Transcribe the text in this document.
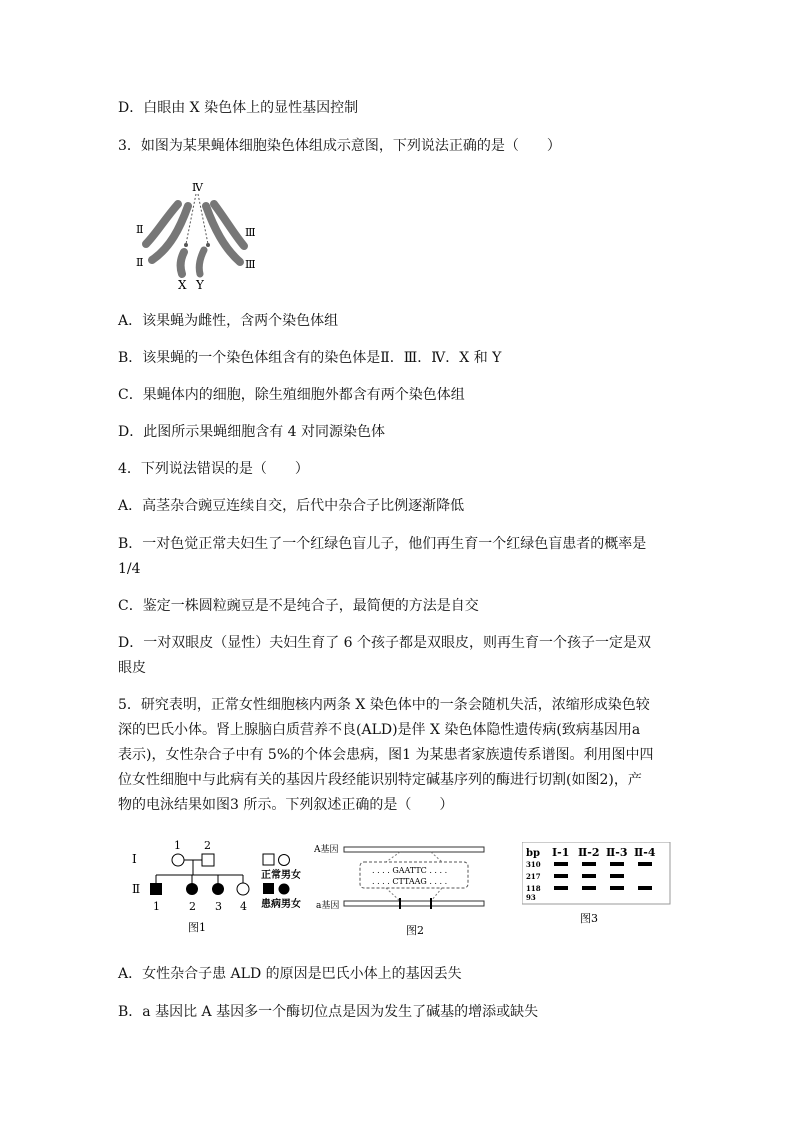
D．白眼由 X 染色体上的显性基因控制
3．如图为某果蝇体细胞染色体组成示意图，下列说法正确的是（　　）
Ⅳ
Ⅱ
Ⅱ
Ⅲ
Ⅲ
X Y
A．该果蝇为雌性，含两个染色体组
B．该果蝇的一个染色体组含有的染色体是Ⅱ．Ⅲ．Ⅳ．X 和 Y
C．果蝇体内的细胞，除生殖细胞外都含有两个染色体组
D．此图所示果蝇细胞含有 4 对同源染色体
4．下列说法错误的是（　　）
A．高茎杂合豌豆连续自交，后代中杂合子比例逐渐降低
B．一对色觉正常夫妇生了一个红绿色盲儿子，他们再生育一个红绿色盲患者的概率是
1/4
C．鉴定一株圆粒豌豆是不是纯合子，最简便的方法是自交
D．一对双眼皮（显性）夫妇生育了 6 个孩子都是双眼皮，则再生育一个孩子一定是双
眼皮
5．研究表明，正常女性细胞核内两条 X 染色体中的一条会随机失活，浓缩形成染色较
深的巴氏小体。肾上腺脑白质营养不良(ALD)是伴 X 染色体隐性遗传病(致病基因用a
表示)，女性杂合子中有 5%的个体会患病，图1 为某患者家族遗传系谱图。利用图中四
位女性细胞中与此病有关的基因片段经能识别特定碱基序列的酶进行切割(如图2)，产
物的电泳结果如图3 所示。下列叙述正确的是（　　）
Ⅰ
Ⅱ
1 2
1	2 3 4
正常男女
患病男女
图1
A基因
a基因
. . . . GAATTC . . . .
. . . . CTTAAG . . . .
图2
bp Ⅰ-1 Ⅱ-2 Ⅱ-3 Ⅱ-4
310
217
118
93
图3
A．女性杂合子患 ALD 的原因是巴氏小体上的基因丢失
B．a 基因比 A 基因多一个酶切位点是因为发生了碱基的增添或缺失
